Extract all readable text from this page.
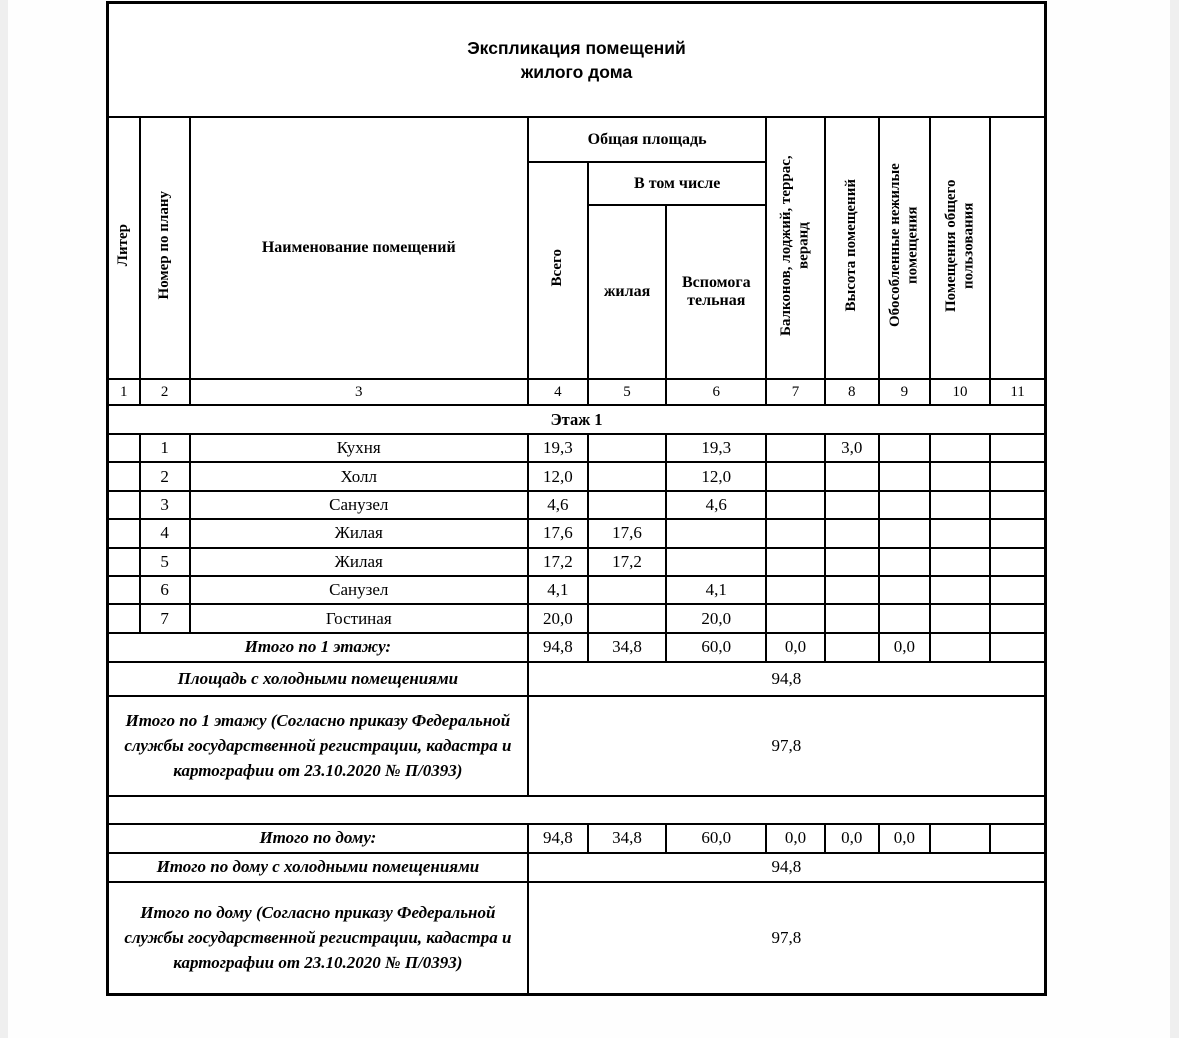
Экспликация помещений
жилого дома										

Литер	Номер по плану	Наименование помещений	Общая площадь			Балконов, лоджий, террас, веранд	Высота помещений	Обособленные нежилые помещения	Помещения общего пользования	
			Всего	В том числе						
				жилая	Вспомога тельная					
1	2	3	4	5	6	7	8	9	10	11
Этаж 1										
	1	Кухня	19,3		19,3		3,0			
	2	Холл	12,0		12,0					
	3	Санузел	4,6		4,6					
	4	Жилая	17,6	17,6						
	5	Жилая	17,2	17,2						
	6	Санузел	4,1		4,1					
	7	Гостиная	20,0		20,0					
Итого по 1 этажу:			94,8	34,8	60,0	0,0		0,0		
Площадь с холодными помещениями			94,8							
Итого по 1 этажу (Согласно приказу Федеральной службы государственной регистрации, кадастра и картографии от 23.10.2020 № П/0393)			97,8							

Итого по дому:			94,8	34,8	60,0	0,0	0,0	0,0		
Итого по дому с холодными помещениями			94,8							
Итого по дому (Согласно приказу Федеральной службы государственной регистрации, кадастра и картографии от 23.10.2020 № П/0393)			97,8							
